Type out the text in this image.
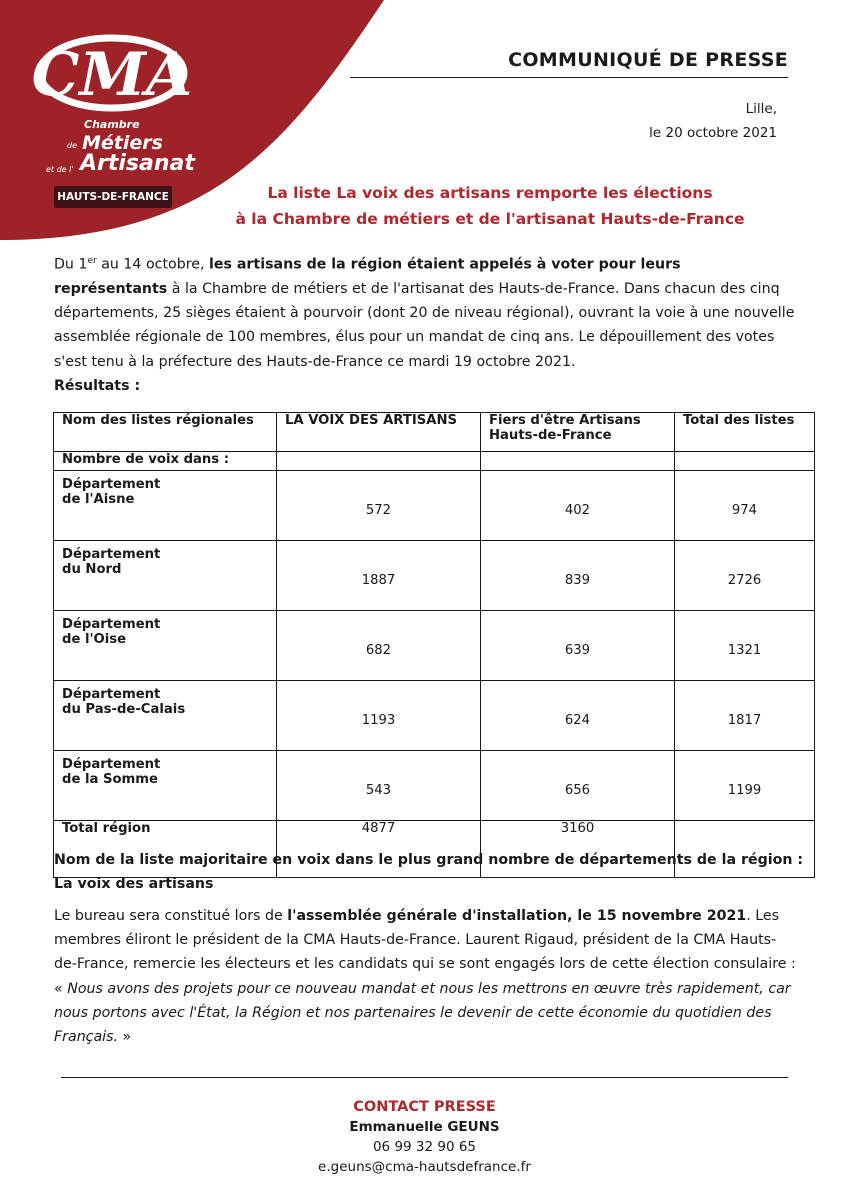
CMA
Chambre
de Métiers
et de l' Artisanat
HAUTS-DE-FRANCE
COMMUNIQUÉ DE PRESSE
Lille,
le 20 octobre 2021
La liste La voix des artisans remporte les élections
à la Chambre de métiers et de l'artisanat Hauts-de-France
Du 1er au 14 octobre, les artisans de la région étaient appelés à voter pour leurs représentants à la Chambre de métiers et de l'artisanat des Hauts-de-France. Dans chacun des cinq départements, 25 sièges étaient à pourvoir (dont 20 de niveau régional), ouvrant la voie à une nouvelle assemblée régionale de 100 membres, élus pour un mandat de cinq ans. Le dépouillement des votes s'est tenu à la préfecture des Hauts-de-France ce mardi 19 octobre 2021.
Résultats :
Nom des listes régionales	LA VOIX DES ARTISANS	Fiers d'être Artisans Hauts-de-France	Total des listes
Nombre de voix dans :			

Département
de l'Aisne	572	402	974

Département
du Nord	1887	839	2726

Département
de l'Oise	682	639	1321

Département
du Pas-de-Calais	1193	624	1817

Département
de la Somme	543	656	1199
Total région	4877	3160	
Nom de la liste majoritaire en voix dans le plus grand nombre de départements de la région :
La voix des artisans
Le bureau sera constitué lors de l'assemblée générale d'installation, le 15 novembre 2021. Les membres éliront le président de la CMA Hauts-de-France. Laurent Rigaud, président de la CMA Hauts-de-France, remercie les électeurs et les candidats qui se sont engagés lors de cette élection consulaire : « Nous avons des projets pour ce nouveau mandat et nous les mettrons en œuvre très rapidement, car nous portons avec l'État, la Région et nos partenaires le devenir de cette économie du quotidien des Français. »
CONTACT PRESSE
Emmanuelle GEUNS
06 99 32 90 65
e.geuns@cma-hautsdefrance.fr
